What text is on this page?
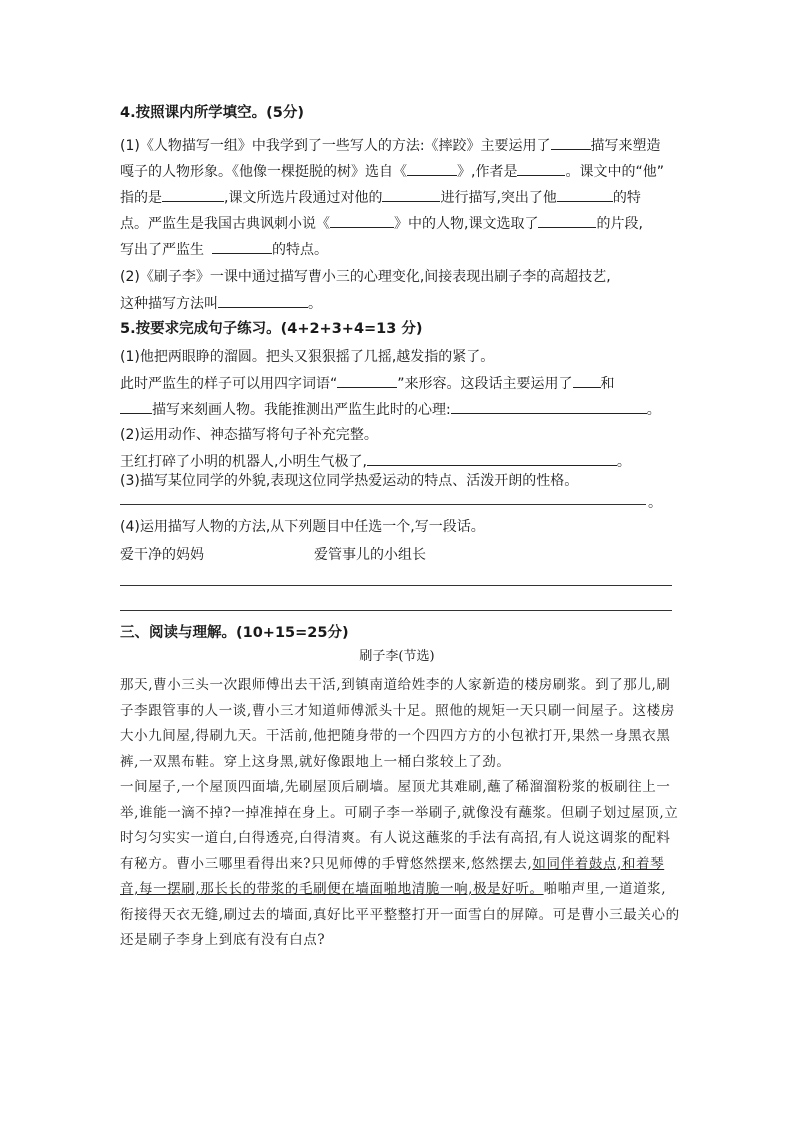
4.按照课内所学填空。(5分)
(1)《人物描写一组》中我学到了一些写人的方法:《摔跤》主要运用了	描写来塑造
嘎子的人物形象。《他像一棵挺脱的树》选自《	》,作者是	。课文中的“他”
指的是	,课文所选片段通过对他的	进行描写,突出了他	的特
点。严监生是我国古典讽刺小说《	》中的人物,课文选取了	的片段,
写出了严监生	的特点。
(2)《刷子李》一课中通过描写曹小三的心理变化,间接表现出刷子李的高超技艺,
这种描写方法叫	。
5.按要求完成句子练习。(4+2+3+4=13 分)
(1)他把两眼睁的溜圆。把头又狠狠摇了几摇,越发指的紧了。
此时严监生的样子可以用四字词语“	”来形容。这段话主要运用了 和
描写来刻画人物。我能推测出严监生此时的心理:	。
(2)运用动作、神态描写将句子补充完整。
王红打碎了小明的机器人,小明生气极了,	。
(3)描写某位同学的外貌,表现这位同学热爱运动的特点、活泼开朗的性格。
。
(4)运用描写人物的方法,从下列题目中任选一个,写一段话。
爱干净的妈妈	爱管事儿的小组长
三、阅读与理解。(10+15=25分)
刷子李(节选)

那天,曹小三头一次跟师傅出去干活,到镇南道给姓李的人家新造的楼房刷浆。到了那儿,刷子李跟管事的人一谈,曹小三才知道师傅派头十足。照他的规矩一天只刷一间屋子。这楼房大小九间屋,得刷九天。干活前,他把随身带的一个四四方方的小包袱打开,果然一身黑衣黑裤,一双黑布鞋。穿上这身黑,就好像跟地上一桶白浆较上了劲。

一间屋子,一个屋顶四面墙,先刷屋顶后刷墙。屋顶尤其难刷,蘸了稀溜溜粉浆的板刷往上一举,谁能一滴不掉?一掉准掉在身上。可刷子李一举刷子,就像没有蘸浆。但刷子划过屋顶,立时匀匀实实一道白,白得透亮,白得清爽。有人说这蘸浆的手法有高招,有人说这调浆的配料有秘方。曹小三哪里看得出来?只见师傅的手臂悠然摆来,悠然摆去,如同伴着鼓点,和着琴音,每一摆刷,那长长的带浆的毛刷便在墙面啪地清脆一响,极是好听。啪啪声里,一道道浆,衔接得天衣无缝,刷过去的墙面,真好比平平整整打开一面雪白的屏障。可是曹小三最关心的还是刷子李身上到底有没有白点?
